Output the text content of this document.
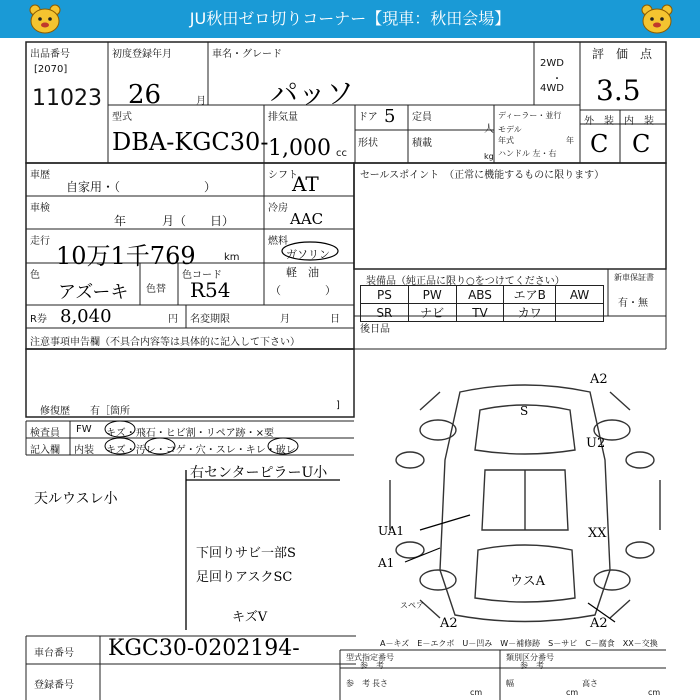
JU秋田ゼロ切りコーナー【現車：秋田会場】
出品番号
[2070]
11023
初度登録年月
26	月
車名・グレード
パッソ
2WD
・
4WD
評　価　点
3.5
外　装 内　装
C C
型式
DBA-KGC30-
排気量
1,000 cc
ドア 5
形状
定員
人
積載
kg
ディーラー・並行
モデル
年式	年
ハンドル 左・右
車歴
自家用・（　　　　　　　）
車検
年　　　月（　　日）
走行
10万1千769	km
色
アズーキ 色替
色コード
R54
シフト
AT
冷房
AAC
燃料
ガソリン
軽　油
（　　　　）
R券 8,040	円 名変期限	月　　　　日
セールスポイント　（正常に機能するものに限ります）
装備品（純正品に限り○をつけてください）	新車保証書
有・無
PS	PW	ABS	エアB	AW
SR	ナビ	TV	カワ	
後日品
注意事項申告欄（不具合内容等は具体的に記入して下さい）
修復歴　　有［箇所
]
検査員
記入欄
FW キズ・飛石・ヒビ割・リペア跡・×要
内装 キズ・汚レ・コゲ・穴・スレ・キレ・破レ
右センターピラーU小
天ルウスレ小
下回りサビ一部S
足回りアスクSC
キズV
A2
S
U2
UA1	XX
A1
ウスA
A2
A2
スペア
車台番号 KGC30-0202194-
登録番号
A－キズ　E－エクボ　U－凹み　W－補修跡　S－サビ　C－腐食　XX－交換
型式指定番号
参　考
類別区分番号
参　考
参　考 長さ
cm
幅
cm
高さ
cm
